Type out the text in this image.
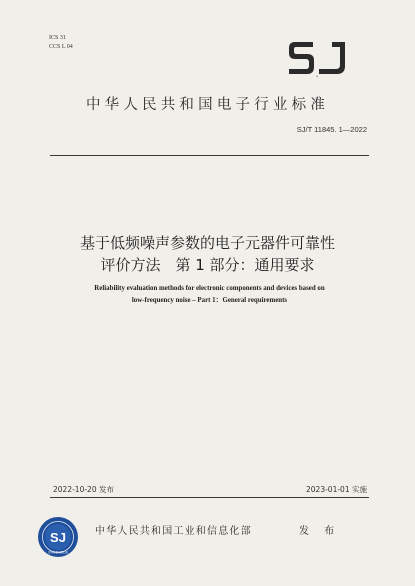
ICS 31
CCS L 04
SJ
中华人民共和国电子行业标准
SJ/T 11845. 1—2022
基于低频噪声参数的电子元器件可靠性
评价方法　第 1 部分：通用要求
Reliability evaluation methods for electronic components and devices based on
low-frequency noise – Part 1：General requirements
2022-10-20 发布	2023-01-01 实施
SJ
STANDARDS
中华人民共和国工业和信息化部	发 布
